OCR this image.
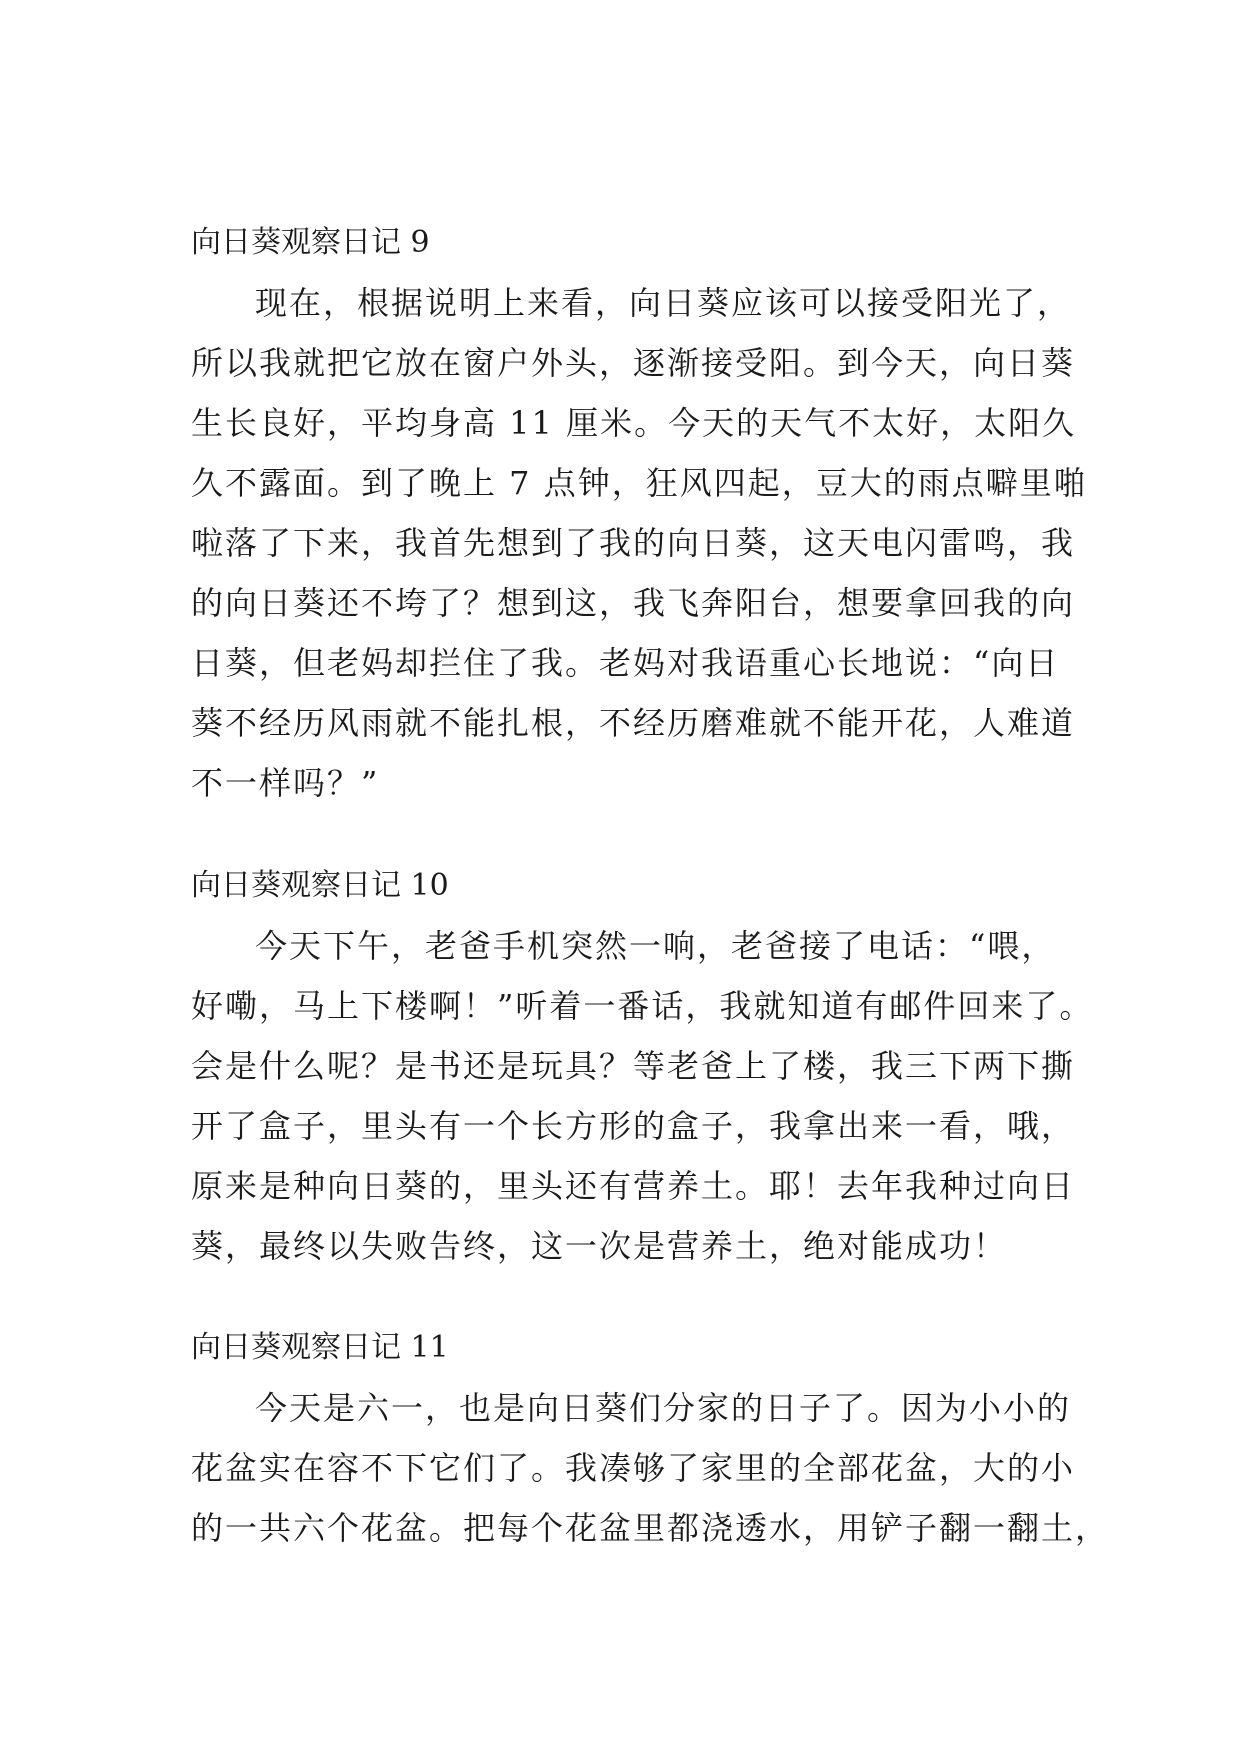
向日葵观察日记 9

现在，根据说明上来看，向日葵应该可以接受阳光了，

所以我就把它放在窗户外头，逐渐接受阳。到今天，向日葵

生长良好，平均身高 11 厘米。今天的天气不太好，太阳久

久不露面。到了晚上 7 点钟，狂风四起，豆大的雨点噼里啪

啦落了下来，我首先想到了我的向日葵，这天电闪雷鸣，我

的向日葵还不垮了？想到这，我飞奔阳台，想要拿回我的向

日葵，但老妈却拦住了我。老妈对我语重心长地说：“向日

葵不经历风雨就不能扎根，不经历磨难就不能开花，人难道

不一样吗？”

向日葵观察日记 10

今天下午，老爸手机突然一响，老爸接了电话：“喂，

好嘞，马上下楼啊！”听着一番话，我就知道有邮件回来了。

会是什么呢？是书还是玩具？等老爸上了楼，我三下两下撕

开了盒子，里头有一个长方形的盒子，我拿出来一看，哦，

原来是种向日葵的，里头还有营养土。耶！去年我种过向日

葵，最终以失败告终，这一次是营养土，绝对能成功！

向日葵观察日记 11

今天是六一，也是向日葵们分家的日子了。因为小小的

花盆实在容不下它们了。我凑够了家里的全部花盆，大的小

的一共六个花盆。把每个花盆里都浇透水，用铲子翻一翻土，
